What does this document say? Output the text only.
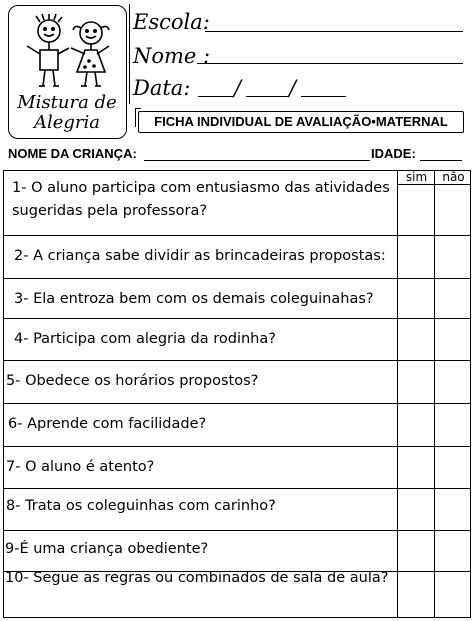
Mistura de
Alegria
Escola:
Nome :
Data: / /
FICHA INDIVIDUAL DE AVALIAÇÃO•MATERNAL
NOME DA CRIANÇA:	IDADE:
sim	não
1- O aluno participa com entusiasmo das atividades
sugeridas pela professora?
2- A criança sabe dividir as brincadeiras propostas:
3- Ela entroza bem com os demais coleguinahas?
4- Participa com alegria da rodinha?
5- Obedece os horários propostos?
6- Aprende com facilidade?
7- O aluno é atento?
8- Trata os coleguinhas com carinho?
9-É uma criança obediente?
10- Segue as regras ou combinados de sala de aula?
